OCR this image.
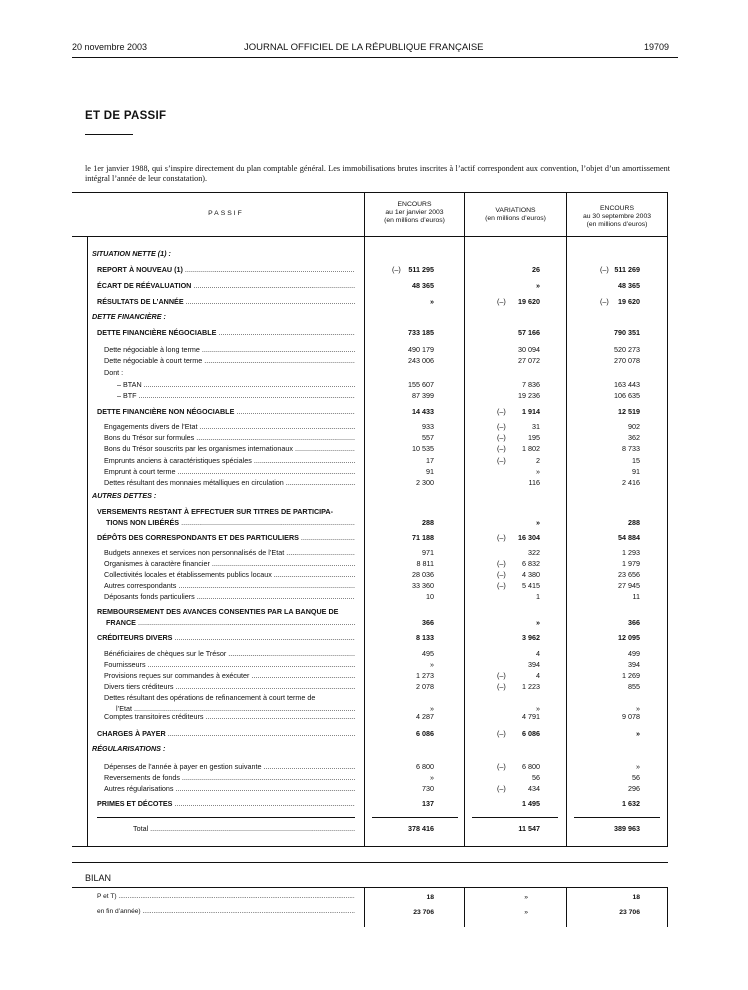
20 novembre 2003	JOURNAL OFFICIEL DE LA RÉPUBLIQUE FRANÇAISE	19709
ET DE PASSIF
le 1er janvier 1988, qui s’inspire directement du plan comptable général. Les immobilisations brutes inscrites à l’actif correspondent aux convention, l’objet d’un amortissement intégral l’année de leur constatation).
PASSIF
ENCOURS
au 1er janvier 2003
(en millions d’euros)
VARIATIONS
(en millions d’euros)
ENCOURS
au 30 septembre 2003
(en millions d’euros)
SITUATION NETTE (1) :
REPORT À NOUVEAU (1) .....	(–)	511 295	26	(–) 511 269
ÉCART DE RÉÉVALUATION .....	48 365	»	48 365
RÉSULTATS DE L’ANNÉE .....	»	(–)	19 620	(–)	19 620
DETTE FINANCIÈRE :
DETTE FINANCIÈRE NÉGOCIABLE .....	733 185	57 166	790 351
Dette négociable à long terme .....	490 179	30 094	520 273
Dette négociable à court terme .....	243 006	27 072	270 078
Dont :
– BTAN .....	155 607	7 836	163 443
– BTF .....	87 399	19 236	106 635
DETTE FINANCIÈRE NON NÉGOCIABLE .....	14 433	(–)	1 914	12 519
Engagements divers de l’Etat .....	933	(–)	31	902
Bons du Trésor sur formules .....	557	(–)	195	362
Bons du Trésor souscrits par les organismes internationaux .....	10 535	(–)	1 802	8 733
Emprunts anciens à caractéristiques spéciales .....	17	(–)	2	15
Emprunt à court terme .....	91	»	91
Dettes résultant des monnaies métalliques en circulation .....	2 300	116	2 416
AUTRES DETTES :
VERSEMENTS RESTANT À EFFECTUER SUR TITRES DE PARTICIPA-
TIONS NON LIBÉRÉS .....	288	»	288
DÉPÔTS DES CORRESPONDANTS ET DES PARTICULIERS .....	71 188	(–)	16 304	54 884
Budgets annexes et services non personnalisés de l’Etat .....	971	322	1 293
Organismes à caractère financier .....	8 811	(–)	6 832	1 979
Collectivités locales et établissements publics locaux .....	28 036	(–)	4 380	23 656
Autres correspondants .....	33 360	(–)	5 415	27 945
Déposants fonds particuliers .....	10	1	11
REMBOURSEMENT DES AVANCES CONSENTIES PAR LA BANQUE DE
FRANCE .....	366	»	366
CRÉDITEURS DIVERS .....	8 133	3 962	12 095
Bénéficiaires de chèques sur le Trésor .....	495	4	499
Fournisseurs .....	»	394	394
Provisions reçues sur commandes à exécuter .....	1 273	(–)	4	1 269
Divers tiers créditeurs .....	2 078	(–)	1 223	855
Dettes résultant des opérations de refinancement à court terme de
l’Etat .....	»	»	»
Comptes transitoires créditeurs .....	4 287	4 791	9 078
CHARGES À PAYER .....	6 086	(–)	6 086	»
RÉGULARISATIONS :
Dépenses de l’année à payer en gestion suivante .....	6 800	(–)	6 800	»
Reversements de fonds .....	»	56	56
Autres régularisations .....	730	(–)	434	296
PRIMES ET DÉCOTES .....	137	1 495	1 632
Total .....	378 416	11 547	389 963
BILAN
P et T) .....	18	»	18
en fin d’année) .....	23 706	»	23 706
